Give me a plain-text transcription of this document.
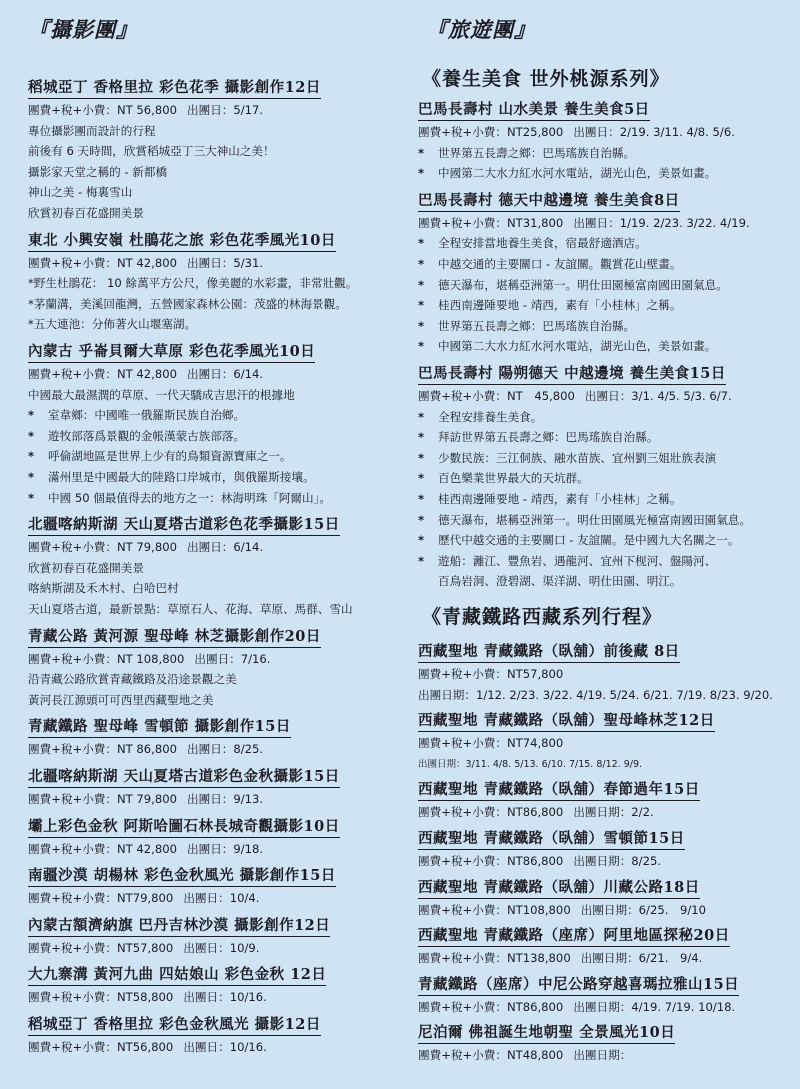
『攝影團』
稻城亞丁 香格里拉 彩色花季 攝影創作12日
團費+稅+小費：NT 56,800 出團日：5/17.
專位攝影團而設計的行程
前後有 6 天時間，欣賞稻城亞丁三大神山之美！
攝影家天堂之稱的 - 新都橋
神山之美 - 梅裏雪山
欣賞初春百花盛開美景
東北 小興安嶺 杜鵑花之旅 彩色花季風光10日
團費+稅+小費：NT 42,800 出團日：5/31.
*野生杜鵑花： 10 餘萬平方公尺，像美麗的水彩畫，非常壯觀。
*茅蘭溝，美溪回龍灣，五營國家森林公園：茂盛的林海景觀。
*五大連池：分佈著火山堰塞湖。
內蒙古 乎崙貝爾大草原 彩色花季風光10日
團費+稅+小費：NT 42,800 出團日：6/14.
中國最大最濕潤的草原、一代天驕成吉思汗的根據地
* 室韋鄉：中國唯一俄羅斯民族自治鄉。
* 遊牧部落爲景觀的金帳漢蒙古族部落。
* 呼倫湖地區是世界上少有的鳥類資源寶庫之一。
* 滿州里是中國最大的陸路口岸城市，與俄羅斯接壤。
* 中國 50 個最值得去的地方之一：林海明珠「阿爾山」。
北疆喀納斯湖 天山夏塔古道彩色花季攝影15日
團費+稅+小費：NT 79,800 出團日：6/14.
欣賞初春百花盛開美景
喀納斯湖及禾木村、白哈巴村
天山夏塔古道，最新景點：草原石人、花海、草原、馬群、雪山
青藏公路 黃河源 聖母峰 林芝攝影創作20日
團費+稅+小費：NT 108,800 出團日：7/16.
沿青藏公路欣賞青藏鐵路及沿途景觀之美
黃河長江源頭可可西里西藏聖地之美
青藏鐵路 聖母峰 雪頓節 攝影創作15日
團費+稅+小費：NT 86,800 出團日：8/25.
北疆喀納斯湖 天山夏塔古道彩色金秋攝影15日
團費+稅+小費：NT 79,800 出團日：9/13.
壩上彩色金秋 阿斯哈圖石林長城奇觀攝影10日
團費+稅+小費：NT 42,800 出團日：9/18.
南疆沙漠 胡楊林 彩色金秋風光 攝影創作15日
團費+稅+小費：NT79,800 出團日：10/4.
內蒙古額濟納旗 巴丹吉林沙漠 攝影創作12日
團費+稅+小費：NT57,800 出團日：10/9.
大九寨溝 黃河九曲 四姑娘山 彩色金秋 12日
團費+稅+小費：NT58,800 出團日：10/16.
稻城亞丁 香格里拉 彩色金秋風光 攝影12日
團費+稅+小費：NT56,800 出團日：10/16.
『旅遊團』
《養生美食 世外桃源系列》
巴馬長壽村 山水美景 養生美食5日
團費+稅+小費：NT25,800 出團日：2/19. 3/11. 4/8. 5/6.
* 世界第五長壽之鄉：巴馬瑤族自治縣。
* 中國第二大水力紅水河水電站，湖光山色，美景如畫。
巴馬長壽村 德天中越邊境 養生美食8日
團費+稅+小費：NT31,800 出團日：1/19. 2/23. 3/22. 4/19.
* 全程安排當地養生美食，宿最舒適酒店。
* 中越交通的主要關口 - 友誼關。觀賞花山壁畫。
* 德天瀑布，堪稱亞洲第一。明仕田園極富南國田園氣息。
* 桂西南邊陲要地 - 靖西，素有「小桂林」之稱。
* 世界第五長壽之鄉：巴馬瑤族自治縣。
* 中國第二大水力紅水河水電站，湖光山色，美景如畫。
巴馬長壽村 陽朔德天 中越邊境 養生美食15日
團費+稅+小費：NT　45,800 出團日：3/1. 4/5. 5/3. 6/7.
* 全程安排養生美食。
* 拜訪世界第五長壽之鄉：巴馬瑤族自治縣。
* 少數民族：三江侗族、融水苗族、宜州劉三姐壯族表演
* 百色樂業世界最大的天坑群。
* 桂西南邊陲要地 - 靖西，素有「小桂林」之稱。
* 德天瀑布，堪稱亞洲第一。明仕田園風光極富南國田園氣息。
* 歷代中越交通的主要關口 - 友誼關。是中國九大名關之一。
* 遊船：灕江、豐魚岩、遇龍河、宜州下枧河、盤陽河、
百鳥岩洞、澄碧湖、渠洋湖、明仕田園、明江。
《青藏鐵路西藏系列行程》
西藏聖地 青藏鐵路（臥舖）前後藏 8日
團費+稅+小費：NT57,800
出團日期：1/12. 2/23. 3/22. 4/19. 5/24. 6/21. 7/19. 8/23. 9/20.
西藏聖地 青藏鐵路（臥舖）聖母峰林芝12日
團費+稅+小費：NT74,800
出團日期：3/11. 4/8. 5/13. 6/10. 7/15. 8/12. 9/9.
西藏聖地 青藏鐵路（臥舖）春節過年15日
團費+稅+小費：NT86,800 出團日期：2/2.
西藏聖地 青藏鐵路（臥舖）雪頓節15日
團費+稅+小費：NT86,800 出團日期：8/25.
西藏聖地 青藏鐵路（臥舖）川藏公路18日
團費+稅+小費：NT108,800 出團日期：6/25.　9/10
西藏聖地 青藏鐵路（座席）阿里地區探秘20日
團費+稅+小費：NT138,800 出團日期：6/21.　9/4.
青藏鐵路（座席）中尼公路穿越喜瑪拉雅山15日
團費+稅+小費：NT86,800 出團日期：4/19. 7/19. 10/18.
尼泊爾 佛祖誕生地朝聖 全景風光10日
團費+稅+小費：NT48,800 出團日期：
